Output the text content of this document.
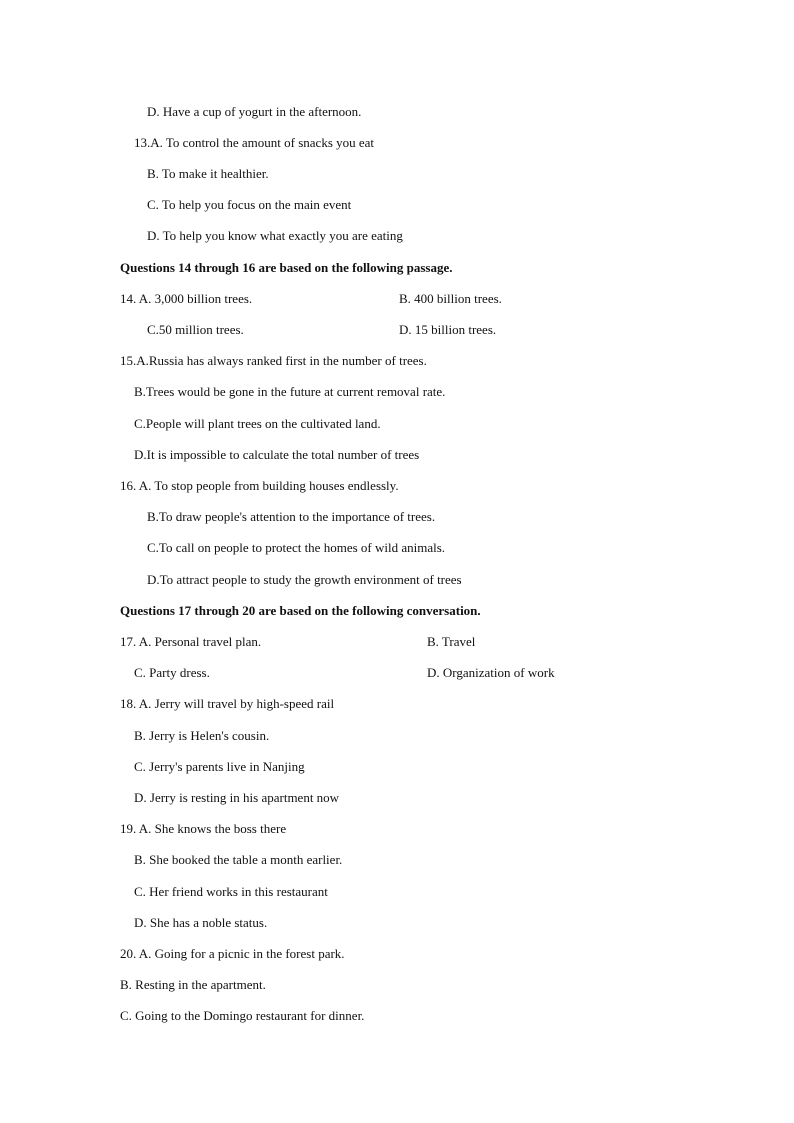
D. Have a cup of yogurt in the afternoon.
13.A. To control the amount of snacks you eat
B. To make it healthier.
C. To help you focus on the main event
D. To help you know what exactly you are eating
Questions 14 through 16 are based on the following passage.
14. A. 3,000 billion trees.	B. 400 billion trees.
C.50 million trees.	D. 15 billion trees.
15.A.Russia has always ranked first in the number of trees.
B.Trees would be gone in the future at current removal rate.
C.People will plant trees on the cultivated land.
D.It is impossible to calculate the total number of trees
16. A. To stop people from building houses endlessly.
B.To draw people's attention to the importance of trees.
C.To call on people to protect the homes of wild animals.
D.To attract people to study the growth environment of trees
Questions 17 through 20 are based on the following conversation.
17. A. Personal travel plan.	B. Travel
C. Party dress.	D. Organization of work
18. A. Jerry will travel by high-speed rail
B. Jerry is Helen's cousin.
C. Jerry's parents live in Nanjing
D. Jerry is resting in his apartment now
19. A. She knows the boss there
B. She booked the table a month earlier.
C. Her friend works in this restaurant
D. She has a noble status.
20. A. Going for a picnic in the forest park.
B. Resting in the apartment.
C. Going to the Domingo restaurant for dinner.
